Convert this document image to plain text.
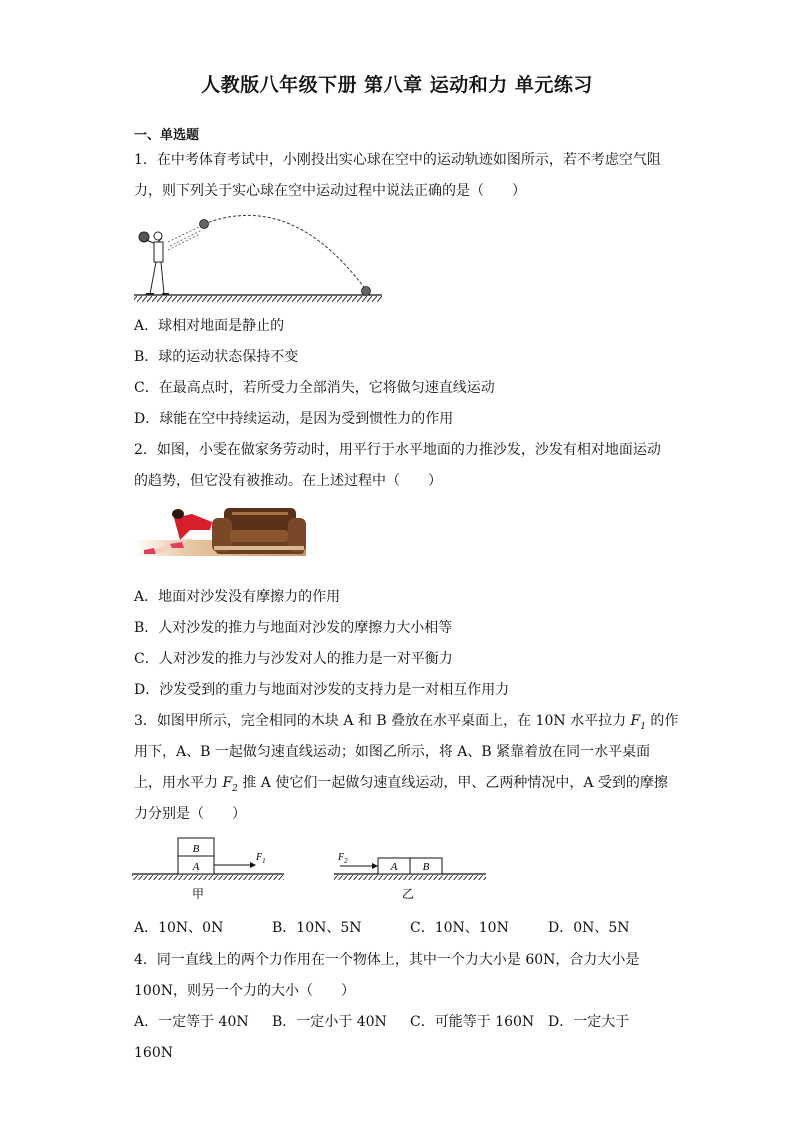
人教版八年级下册 第八章 运动和力 单元练习
一、单选题
1．在中考体育考试中，小刚投出实心球在空中的运动轨迹如图所示，若不考虑空气阻
力，则下列关于实心球在空中运动过程中说法正确的是（　　）
A．球相对地面是静止的
B．球的运动状态保持不变
C．在最高点时，若所受力全部消失，它将做匀速直线运动
D．球能在空中持续运动，是因为受到惯性力的作用
2．如图，小雯在做家务劳动时，用平行于水平地面的力推沙发，沙发有相对地面运动
的趋势，但它没有被推动。在上述过程中（　　）
A．地面对沙发没有摩擦力的作用
B．人对沙发的推力与地面对沙发的摩擦力大小相等
C．人对沙发的推力与沙发对人的推力是一对平衡力
D．沙发受到的重力与地面对沙发的支持力是一对相互作用力
3．如图甲所示，完全相同的木块 A 和 B 叠放在水平桌面上，在 10N 水平拉力 $F_1$ 的作
用下，A、B 一起做匀速直线运动；如图乙所示，将 A、B 紧靠着放在同一水平桌面
上，用水平力 $F_2$ 推 A 使它们一起做匀速直线运动，甲、乙两种情况中，A 受到的摩擦
力分别是（　　）
A
B
$F_1$
甲
A B
$F_2$
乙
A．10N、0N	B．10N、5N	C．10N、10N	D．0N、5N
4．同一直线上的两个力作用在一个物体上，其中一个力大小是 60N，合力大小是
100N，则另一个力的大小（　　）
A．一定等于 40N B．一定小于 40N C．可能等于 160N D．一定大于
160N
